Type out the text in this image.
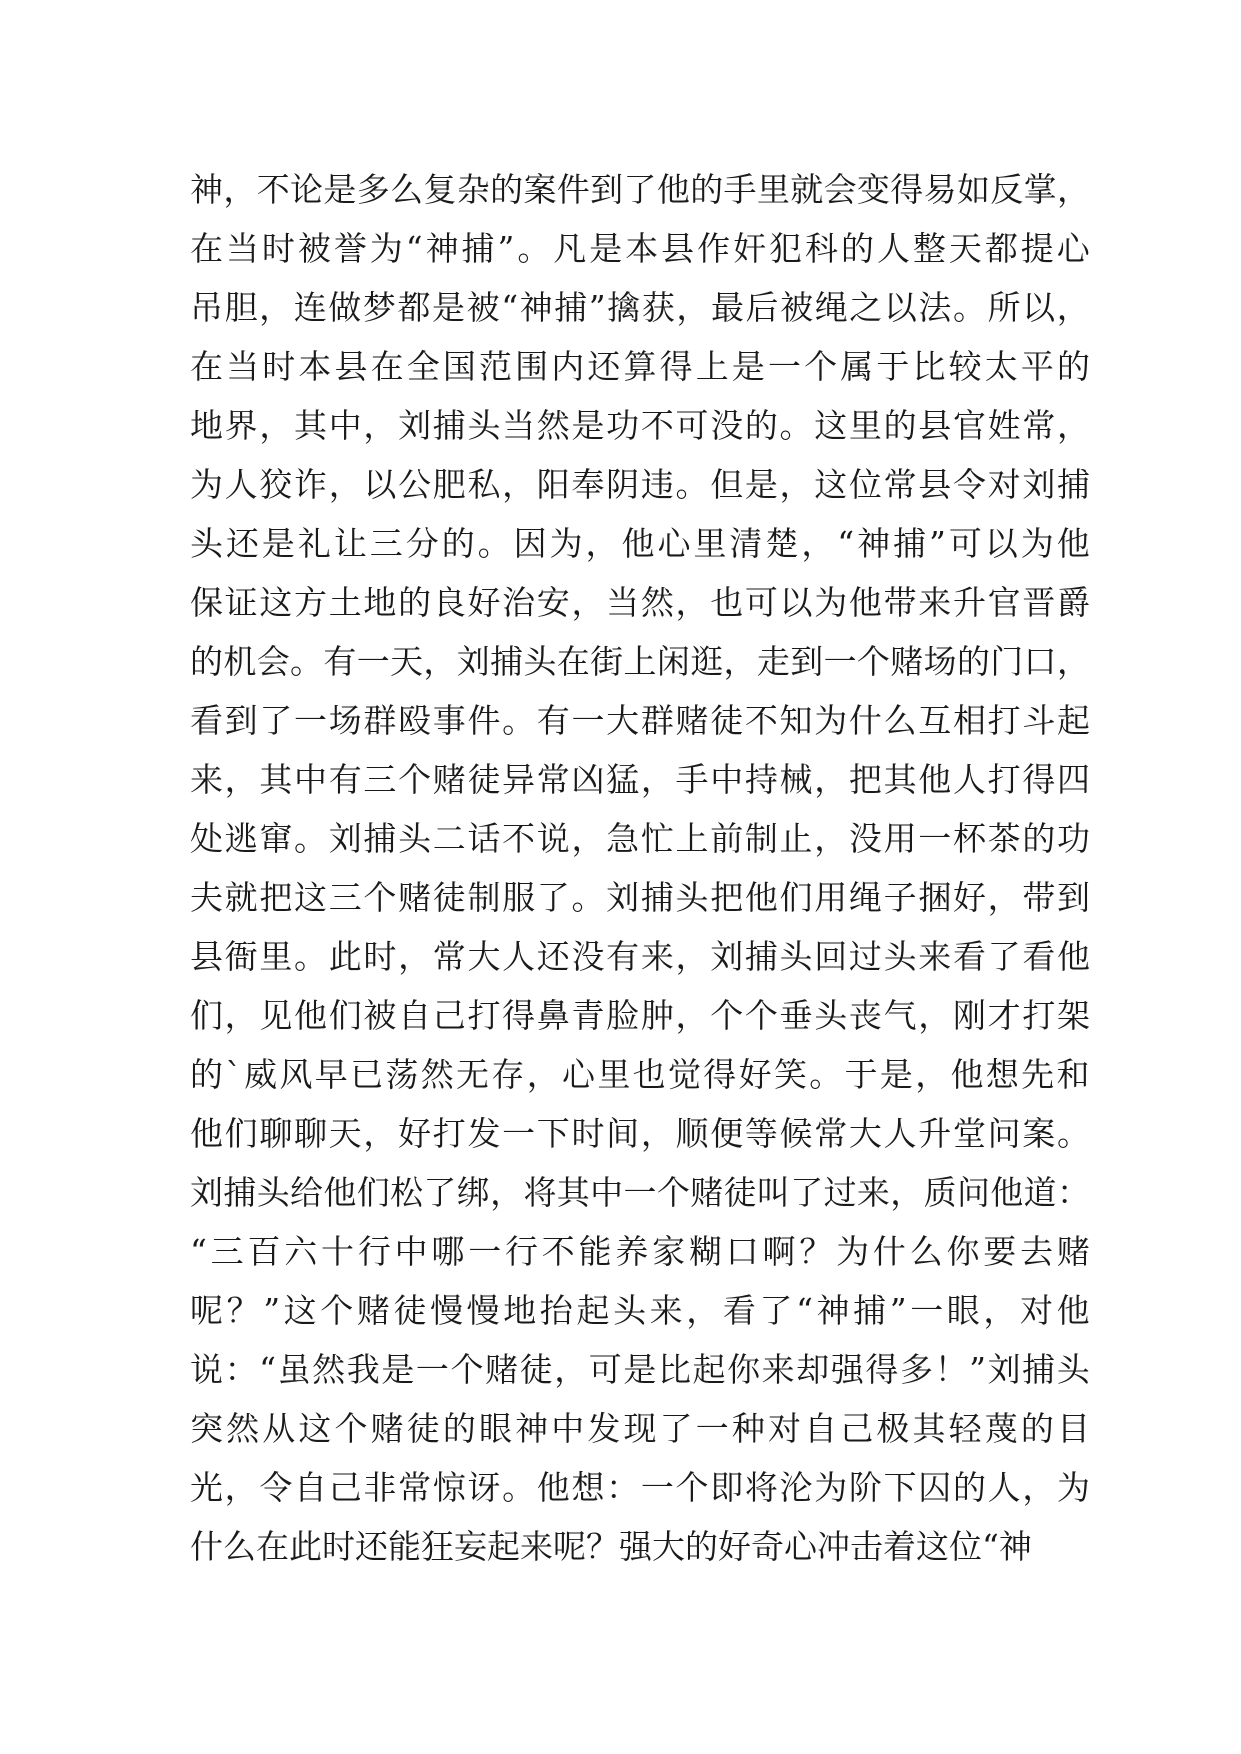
神，不论是多么复杂的案件到了他的手里就会变得易如反掌，
在当时被誉为“神捕”。凡是本县作奸犯科的人整天都提心
吊胆，连做梦都是被“神捕”擒获，最后被绳之以法。所以，
在当时本县在全国范围内还算得上是一个属于比较太平的
地界，其中，刘捕头当然是功不可没的。这里的县官姓常，
为人狡诈，以公肥私，阳奉阴违。但是，这位常县令对刘捕
头还是礼让三分的。因为，他心里清楚，“神捕”可以为他
保证这方土地的良好治安，当然，也可以为他带来升官晋爵
的机会。有一天，刘捕头在街上闲逛，走到一个赌场的门口，
看到了一场群殴事件。有一大群赌徒不知为什么互相打斗起
来，其中有三个赌徒异常凶猛，手中持械，把其他人打得四
处逃窜。刘捕头二话不说，急忙上前制止，没用一杯茶的功
夫就把这三个赌徒制服了。刘捕头把他们用绳子捆好，带到
县衙里。此时，常大人还没有来，刘捕头回过头来看了看他
们，见他们被自己打得鼻青脸肿，个个垂头丧气，刚才打架
的`威风早已荡然无存，心里也觉得好笑。于是，他想先和
他们聊聊天，好打发一下时间，顺便等候常大人升堂问案。
刘捕头给他们松了绑，将其中一个赌徒叫了过来，质问他道：
“三百六十行中哪一行不能养家糊口啊？为什么你要去赌
呢？”这个赌徒慢慢地抬起头来，看了“神捕”一眼，对他
说：“虽然我是一个赌徒，可是比起你来却强得多！”刘捕头
突然从这个赌徒的眼神中发现了一种对自己极其轻蔑的目
光，令自己非常惊讶。他想：一个即将沦为阶下囚的人，为
什么在此时还能狂妄起来呢？强大的好奇心冲击着这位“神
